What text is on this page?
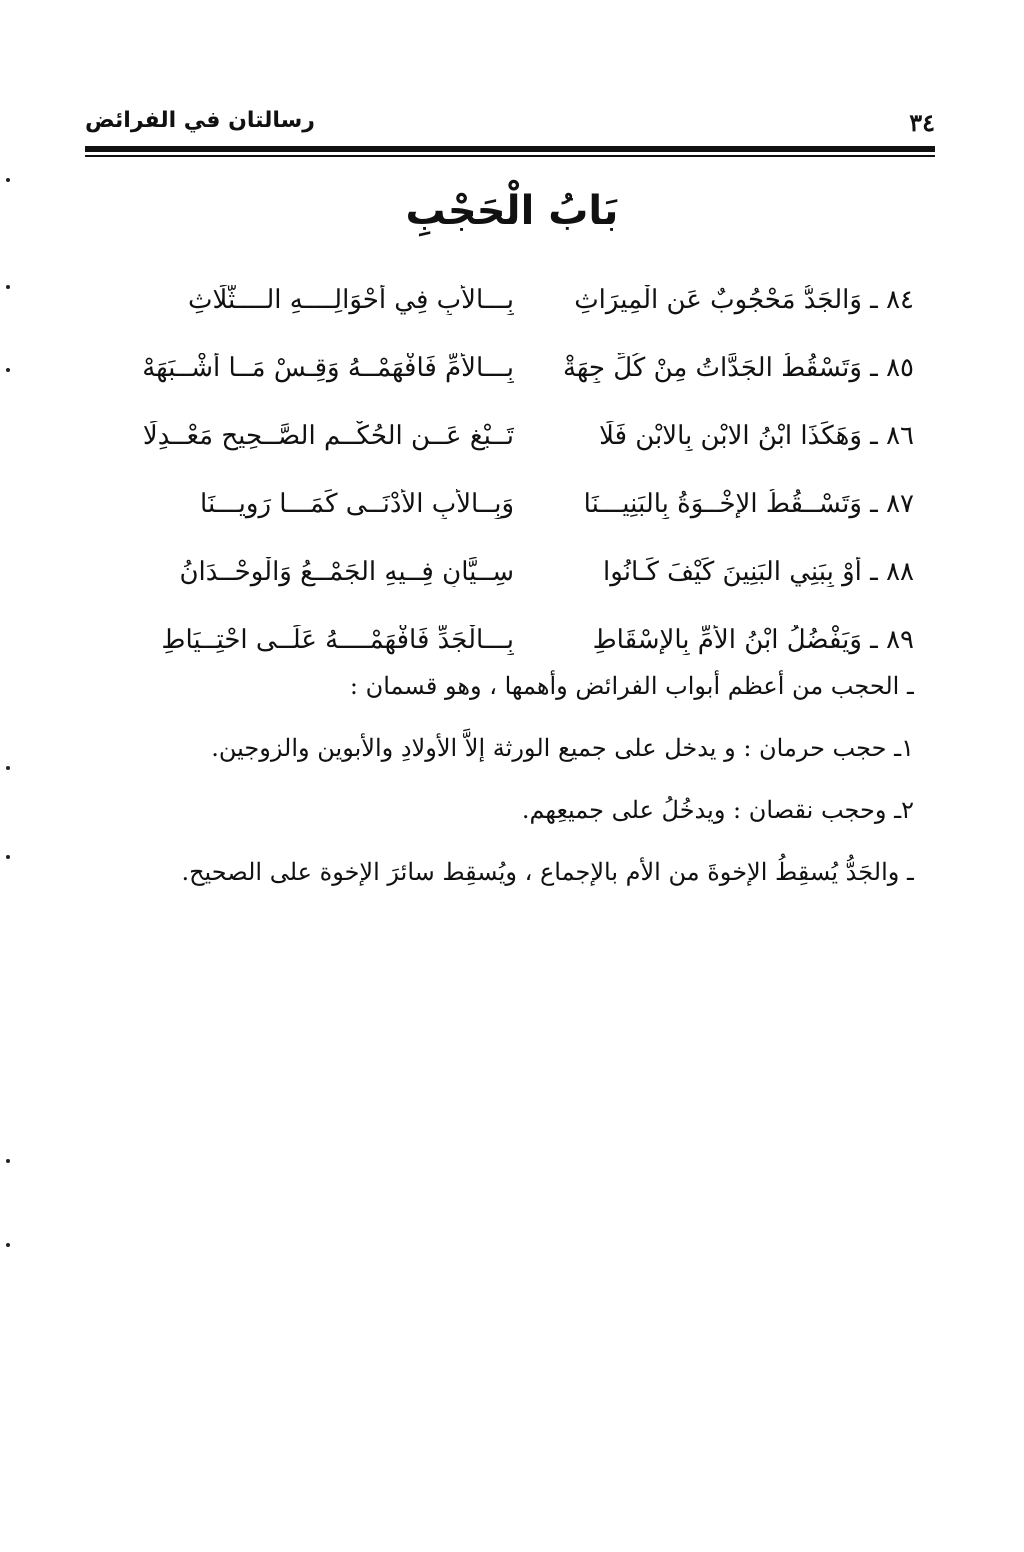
٣٤
رسالتان في الفرائض
بَابُ الْحَجْبِ
٨٤ ـ وَالجَدُّ مَحْجُوبٌ عَنِ الْمِيرَاثِ
بِـــالأَبِ فِي أَحْوَالِــــهِ الــــثَّلَاثِ
٨٥ ـ وَتَسْقُطُ الجَدَّاتُ مِنْ كُلِّ جِهَةْ
بِـــالأُمِّ فَافْهَمْــهُ وَقِـسْ مَــا أَشْــبَهَهْ
٨٦ ـ وَهَكَذَا ابْنُ الابْنِ بِالابْنِ فَلَا
تَــبْغِ عَــنِ الحُكْــمِ الصَّــحِيحِ مَعْــدِلَا
٨٧ ـ وَتَسْــقُطُ الإِخْــوَةُ بِالبَنِيـــنَا
وَبِــالأَبِ الأَدْنَــى كَمَـــا رَوِيـــنَا
٨٨ ـ أَوْ بِبَنِي البَنِينَ كَيْفَ كَـانُوا
سِــيَّانِ فِــيهِ الجَمْــعُ وَالْوِحْــدَانُ
٨٩ ـ وَيَفْضُلُ ابْنُ الأُمِّ بِالإِسْقَاطِ
بِـــالْجَدِّ فَافْهَمْــــهُ عَلَــى احْتِــيَاطِ

ـ الحجب من أعظم أبواب الفرائض وأهمها ، وهو قسمان :

١ـ حجب حرمان : و يدخل على جميع الورثة إلاَّ الأولادِ والأبوين والزوجين.

٢ـ وحجب نقصان : ويدخُلُ على جميعِهم.

ـ والجَدُّ يُسقِطُ الإخوةَ من الأم بالإجماع ، ويُسقِط سائرَ الإخوة على الصحيح.
